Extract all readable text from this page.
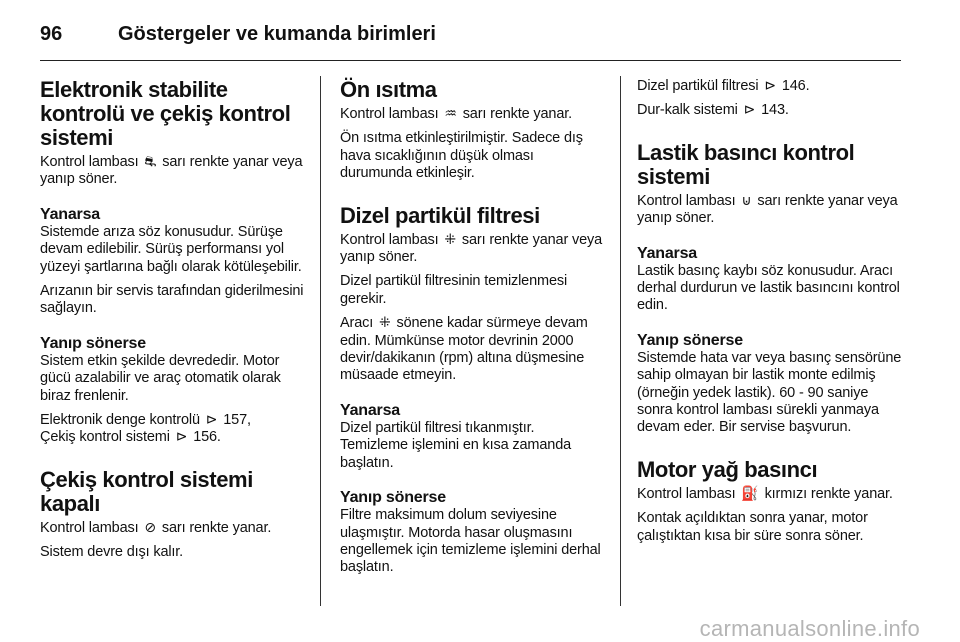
96	Göstergeler ve kumanda birimleri
Elektronik stabilite kontrolü ve çekiş kontrol sistemi

Kontrol lambası ⛐ sarı renkte yanar veya yanıp söner.

Yanarsa

Sistemde arıza söz konusudur. Sürüşe devam edilebilir. Sürüş performansı yol yüzeyi şartlarına bağlı olarak kötüleşebilir.

Arızanın bir servis tarafından giderilmesini sağlayın.

Yanıp sönerse

Sistem etkin şekilde devrededir. Motor gücü azalabilir ve araç otomatik olarak biraz frenlenir.

Elektronik denge kontrolü ⊳ 157,
Çekiş kontrol sistemi ⊳ 156.

Çekiş kontrol sistemi kapalı

Kontrol lambası ⊘ sarı renkte yanar.

Sistem devre dışı kalır.

Ön ısıtma

Kontrol lambası ♒ sarı renkte yanar.

Ön ısıtma etkinleştirilmiştir. Sadece dış hava sıcaklığının düşük olması durumunda etkinleşir.

Dizel partikül filtresi

Kontrol lambası ⁜ sarı renkte yanar veya yanıp söner.

Dizel partikül filtresinin temizlenmesi gerekir.

Aracı ⁜ sönene kadar sürmeye devam edin. Mümkünse motor devrinin 2000 devir/dakikanın (rpm) altına düşmesine müsaade etmeyin.

Yanarsa

Dizel partikül filtresi tıkanmıştır. Temizleme işlemini en kısa zamanda başlatın.

Yanıp sönerse

Filtre maksimum dolum seviyesine ulaşmıştır. Motorda hasar oluşmasını engellemek için temizleme işlemini derhal başlatın.

Dizel partikül filtresi ⊳ 146.

Dur-kalk sistemi ⊳ 143.

Lastik basıncı kontrol sistemi

Kontrol lambası ⊍ sarı renkte yanar veya yanıp söner.

Yanarsa

Lastik basınç kaybı söz konusudur. Aracı derhal durdurun ve lastik basıncını kontrol edin.

Yanıp sönerse

Sistemde hata var veya basınç sensörüne sahip olmayan bir lastik monte edilmiş (örneğin yedek lastik). 60 - 90 saniye sonra kontrol lambası sürekli yanmaya devam eder. Bir servise başvurun.

Motor yağ basıncı

Kontrol lambası ⛽ kırmızı renkte yanar.

Kontak açıldıktan sonra yanar, motor çalıştıktan kısa bir süre sonra söner.

carmanualsonline.info
